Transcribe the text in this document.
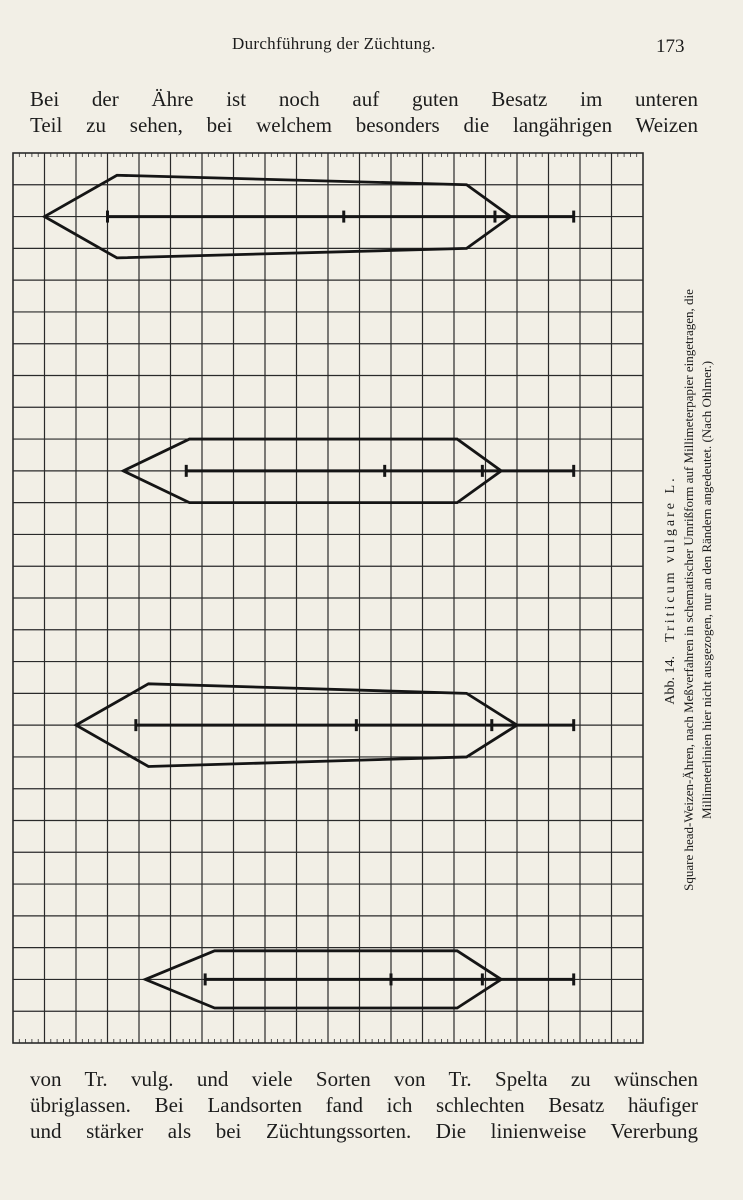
Durchführung der Züchtung.	173

Bei der Ähre ist noch auf guten Besatz im unteren
Teil zu sehen, bei welchem besonders die langährigen Weizen

Abb. 14.    Triticum vulgare L. Square head-Weizen-Ähren, nach Meßverfahren in schematischer Umrißform auf Millimeterpapier eingetragen, die Millimeterlinien hier nicht ausgezogen, nur an den Rändern angedeutet. (Nach Ohlmer.)

von Tr. vulg. und viele Sorten von Tr. Spelta zu wünschen
übriglassen. Bei Landsorten fand ich schlechten Besatz häufiger
und stärker als bei Züchtungssorten. Die linienweise Vererbung
